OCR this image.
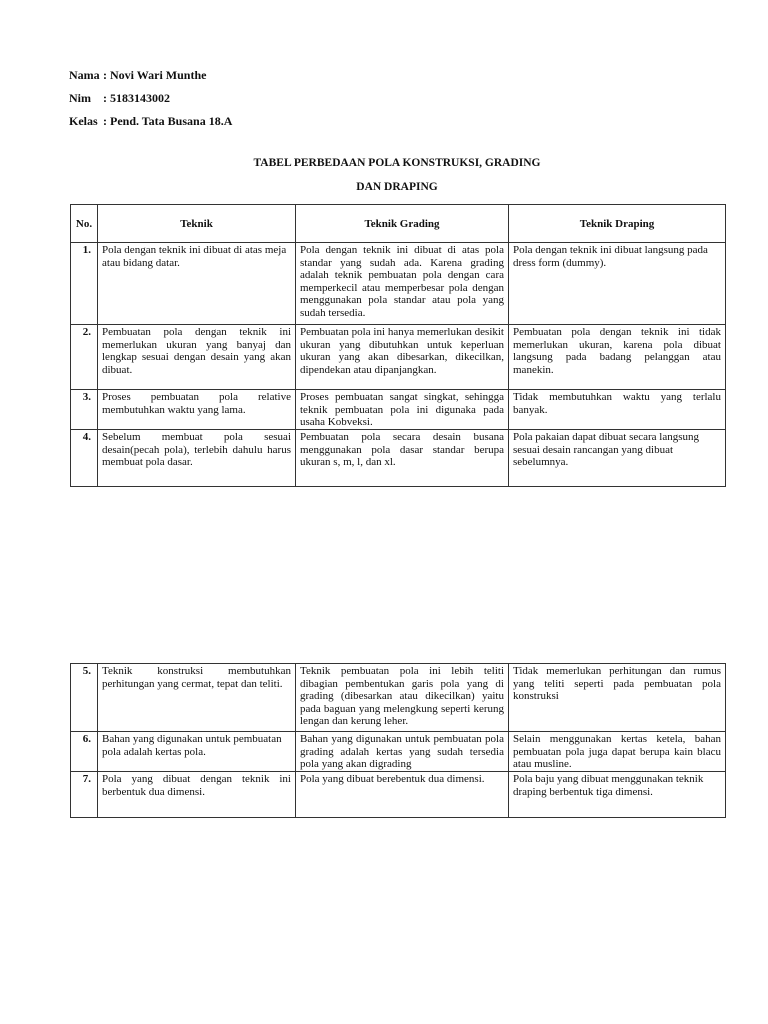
Nama : Novi Wari Munthe
Nim	: 5183143002
Kelas : Pend. Tata Busana 18.A
TABEL PERBEDAAN POLA KONSTRUKSI, GRADING
DAN DRAPING
No.	Teknik	Teknik Grading	Teknik Draping
1.	Pola dengan teknik ini dibuat di atas meja atau bidang datar.	Pola dengan teknik ini dibuat di atas pola standar yang sudah ada. Karena grading adalah teknik pembuatan pola dengan cara memperkecil atau memperbesar pola dengan menggunakan pola standar atau pola yang sudah tersedia.	Pola dengan teknik ini dibuat langsung pada dress form (dummy).
2.	Pembuatan pola dengan teknik ini memerlukan ukuran yang banyaj dan lengkap sesuai dengan desain yang akan dibuat.	Pembuatan pola ini hanya memerlukan desikit ukuran yang dibutuhkan untuk keperluan ukuran yang akan dibesarkan, dikecilkan, dipendekan atau dipanjangkan.	Pembuatan pola dengan teknik ini tidak memerlukan ukuran, karena pola dibuat langsung pada badang pelanggan atau manekin.
3.	Proses pembuatan pola relative membutuhkan waktu yang lama.	Proses pembuatan sangat singkat, sehingga teknik pembuatan pola ini digunaka pada usaha Kobveksi.	Tidak membutuhkan waktu yang terlalu banyak.
4.	Sebelum membuat pola sesuai desain(pecah pola), terlebih dahulu harus membuat pola dasar.	Pembuatan pola secara desain busana menggunakan pola dasar standar berupa ukuran s, m, l, dan xl.	Pola pakaian dapat dibuat secara langsung sesuai desain rancangan yang dibuat sebelumnya.
5.	Teknik konstruksi membutuhkan perhitungan yang cermat, tepat dan teliti.	Teknik pembuatan pola ini lebih teliti dibagian pembentukan garis pola yang di grading (dibesarkan atau dikecilkan) yaitu pada baguan yang melengkung seperti kerung lengan dan kerung leher.	Tidak memerlukan perhitungan dan rumus yang teliti seperti pada pembuatan pola konstruksi
6.	Bahan yang digunakan untuk pembuatan pola adalah kertas pola.	Bahan yang digunakan untuk pembuatan pola grading adalah kertas yang sudah tersedia pola yang akan digrading	Selain menggunakan kertas ketela, bahan pembuatan pola juga dapat berupa kain blacu atau musline.
7.	Pola yang dibuat dengan teknik ini berbentuk dua dimensi.	Pola yang dibuat berebentuk dua dimensi.	Pola baju yang dibuat menggunakan teknik draping berbentuk tiga dimensi.
